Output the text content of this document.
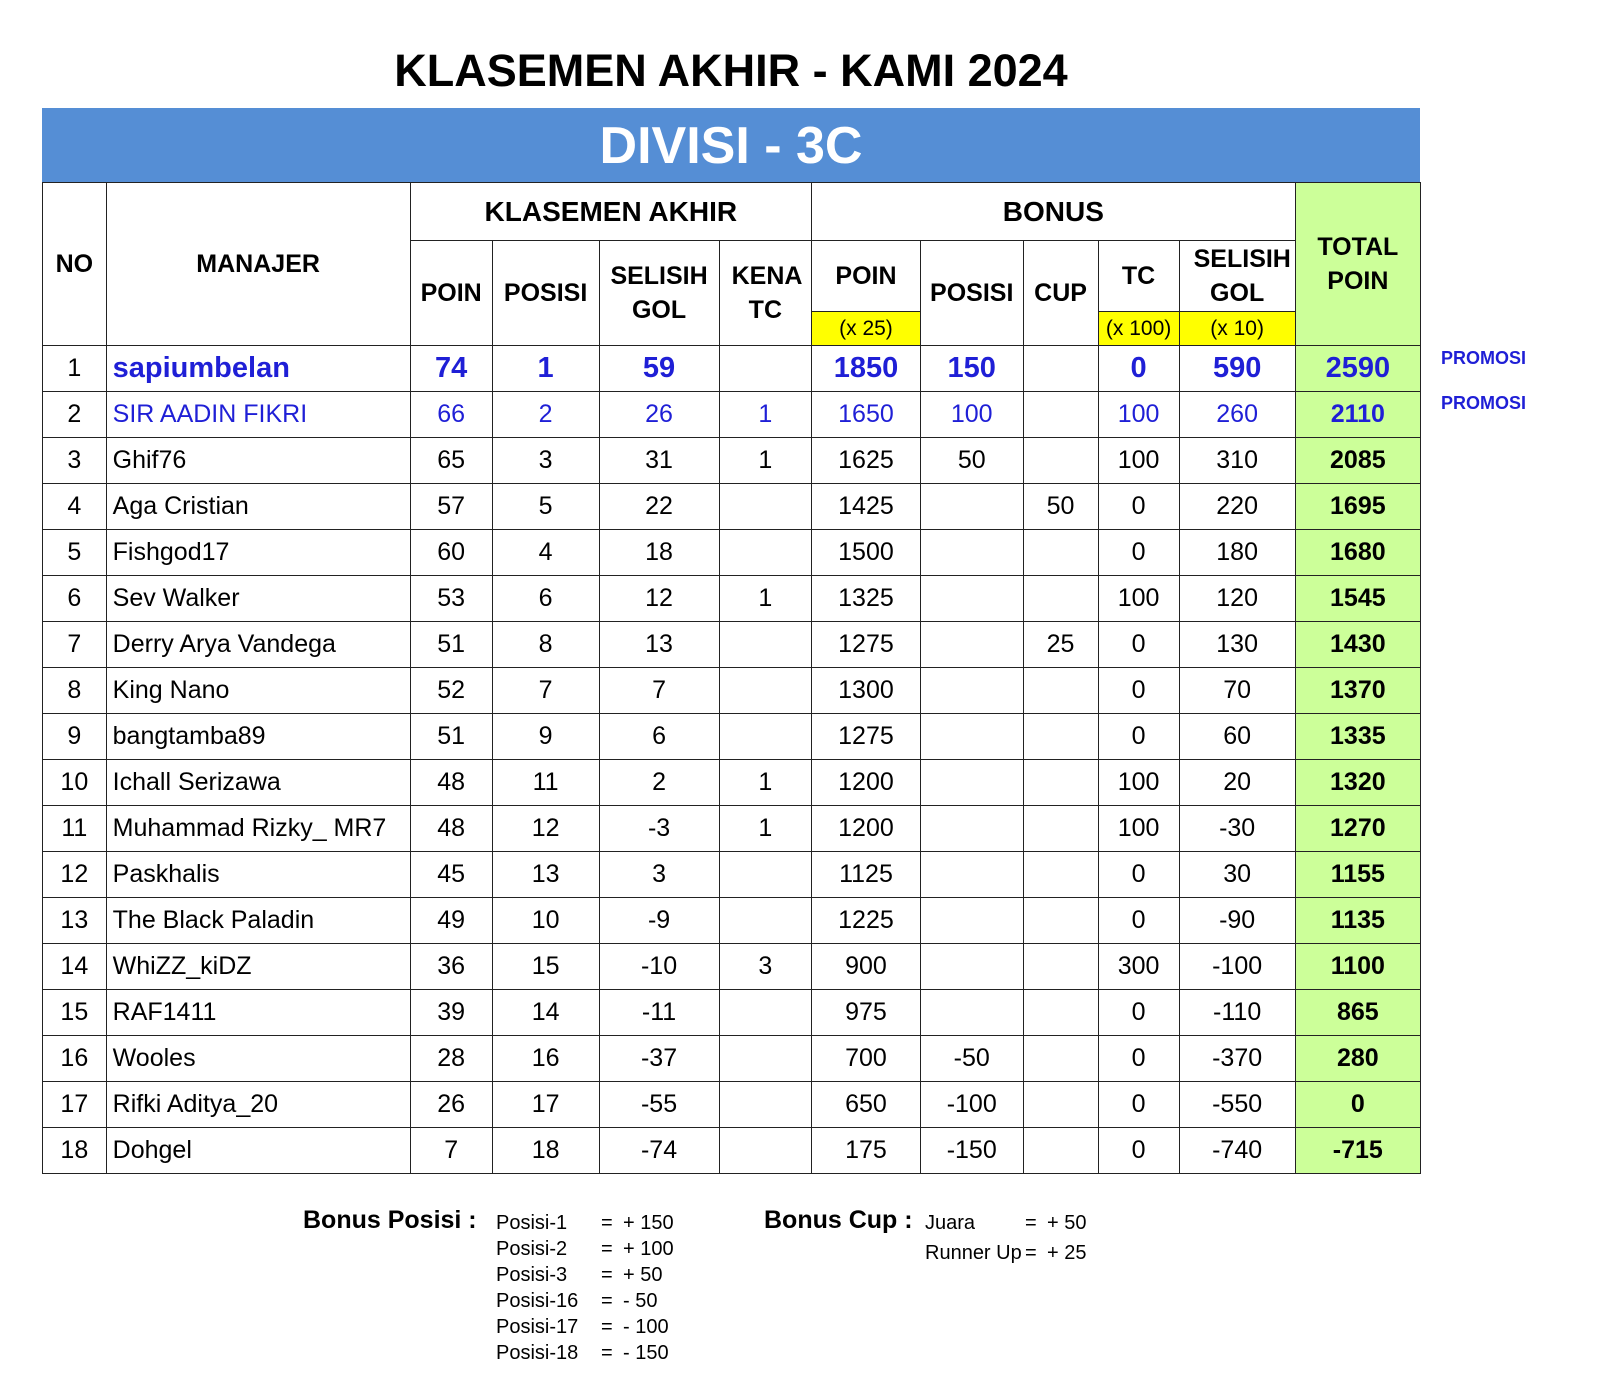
KLASEMEN AKHIR - KAMI 2024
DIVISI - 3C
NO	MANAJER	KLASEMEN AKHIR				BONUS					TOTAL POIN
		POIN	POSISI	SELISIH GOL	KENA TC	POIN	POSISI	CUP	TC	SELISIH GOL	
						(x 25)			(x 100)	(x 10)	
1	sapiumbelan	74	1	59		1850	150		0	590	2590
2	SIR AADIN FIKRI	66	2	26	1	1650	100		100	260	2110
3	Ghif76	65	3	31	1	1625	50		100	310	2085
4	Aga Cristian	57	5	22		1425		50	0	220	1695
5	Fishgod17	60	4	18		1500			0	180	1680
6	Sev Walker	53	6	12	1	1325			100	120	1545
7	Derry Arya Vandega	51	8	13		1275		25	0	130	1430
8	King Nano	52	7	7		1300			0	70	1370
9	bangtamba89	51	9	6		1275			0	60	1335
10	Ichall Serizawa	48	11	2	1	1200			100	20	1320
11	Muhammad Rizky_ MR7	48	12	-3	1	1200			100	-30	1270
12	Paskhalis	45	13	3		1125			0	30	1155
13	The Black Paladin	49	10	-9		1225			0	-90	1135
14	WhiZZ_kiDZ	36	15	-10	3	900			300	-100	1100
15	RAF1411	39	14	-11		975			0	-110	865
16	Wooles	28	16	-37		700	-50		0	-370	280
17	Rifki Aditya_20	26	17	-55		650	-100		0	-550	0
18	Dohgel	7	18	-74		175	-150		0	-740	-715
PROMOSI
PROMOSI
Bonus Posisi : Posisi-1	= + 150
Posisi-2	= + 100
Posisi-3	= + 50
Posisi-16	= - 50
Posisi-17	= - 100
Posisi-18	= - 150
Bonus Cup : Juara	= + 50
Runner Up = + 25
